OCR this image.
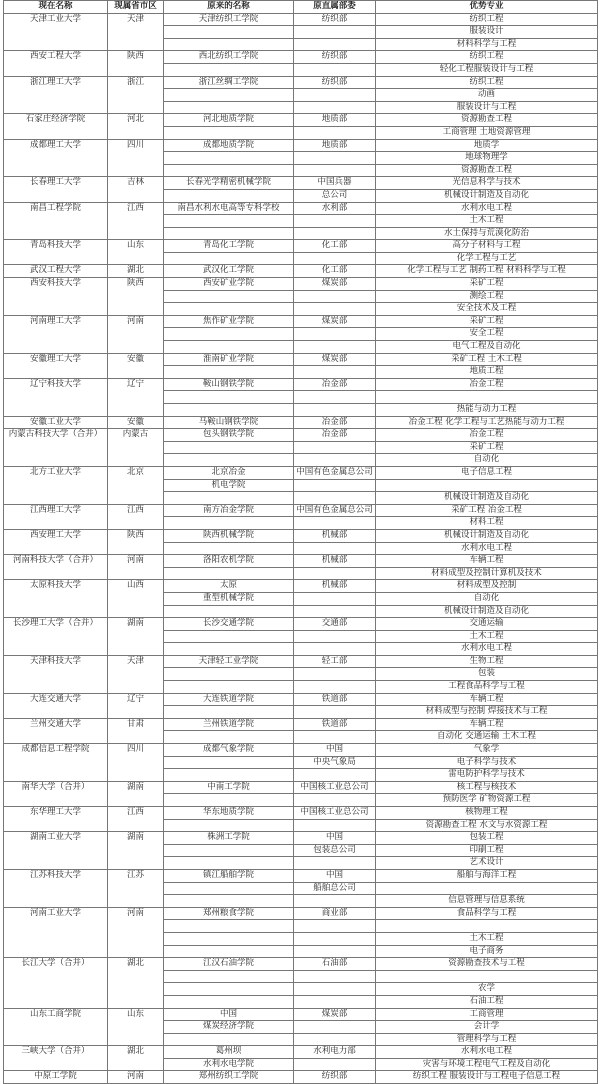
现在名称	现属省市区	原来的名称	原直属部委	优势专业
天津工业大学	天津	天津纺织工学院	纺织部	纺织工程
				服装设计
				材料科学与工程
西安工程大学	陕西	西北纺织工学院	纺织部	纺织工程
				轻化工程服装设计与工程
浙江理工大学	浙江	浙江丝绸工学院	纺织部	纺织工程
				动画
				服装设计与工程
石家庄经济学院	河北	河北地质学院	地质部	资源勘查工程
				工商管理 土地资源管理
成都理工大学	四川	成都地质学院	地质部	地质学
				地球物理学
				资源勘查工程
长春理工大学	吉林	长春光学精密机械学院	中国兵器	光信息科学与技术
			总公司	机械设计制造及自动化
南昌工程学院	江西	南昌水利水电高等专科学校	水利部	水利水电工程
				土木工程
				水土保持与荒漠化防治
青岛科技大学	山东	青岛化工学院	化工部	高分子材料与工程
				化学工程与工艺
武汉工程大学	湖北	武汉化工学院	化工部	化学工程与工艺 制药工程 材料科学与工程
西安科技大学	陕西	西安矿业学院	煤炭部	采矿工程
				测绘工程
				安全技术及工程
河南理工大学	河南	焦作矿业学院	煤炭部	采矿工程
				安全工程
				电气工程及自动化
安徽理工大学	安徽	淮南矿业学院	煤炭部	采矿工程 土木工程
				地质工程
辽宁科技大学	辽宁	鞍山钢铁学院	冶金部	冶金工程

				热能与动力工程
安徽工业大学	安徽	马鞍山钢铁学院	冶金部	冶金工程 化学工程与工艺热能与动力工程
内蒙古科技大学（合并）	内蒙古	包头钢铁学院	冶金部	冶金工程
				采矿工程
				自动化
北方工业大学	北京	北京冶金	中国有色金属总公司	电子信息工程
		机电学院		
				机械设计制造及自动化
江西理工大学	江西	南方冶金学院	中国有色金属总公司	采矿工程 冶金工程
				材料工程
西安理工大学	陕西	陕西机械学院	机械部	机械设计制造及自动化
				水利水电工程
河南科技大学（合并）	河南	洛阳农机学院	机械部	车辆工程
				材料成型及控制计算机及技术
太原科技大学	山西	太原	机械部	材料成型及控制
		重型机械学院		自动化
				机械设计制造及自动化
长沙理工大学（合并）	湖南	长沙交通学院	交通部	交通运输
				土木工程
				水利水电工程
天津科技大学	天津	天津轻工业学院	轻工部	生物工程
				包装
				工程食品科学与工程
大连交通大学	辽宁	大连铁道学院	铁道部	车辆工程
				材料成型与控制 焊接技术与工程
兰州交通大学	甘肃	兰州铁道学院	铁道部	车辆工程
				自动化 交通运输 土木工程
成都信息工程学院	四川	成都气象学院	中国	气象学
			中央气象局	电子科学与技术
				雷电防护科学与技术
南华大学（合并）	湖南	中南工学院	中国核工业总公司	核工程与核技术
				预防医学 矿物资源工程
东华理工大学	江西	华东地质学院	中国核工业总公司	核物理工程
				资源勘查工程 水文与水资源工程
湖南工业大学	湖南	株洲工学院	中国	包装工程
			包装总公司	印刷工程
				艺术设计
江苏科技大学	江苏	镇江船舶学院	中国	船舶与海洋工程
			船舶总公司	
				信息管理与信息系统
河南工业大学	河南	郑州粮食学院	商业部	食品科学与工程

				土木工程
				电子商务
长江大学（合并）	湖北	江汉石油学院	石油部	资源勘查技术与工程

				农学
				石油工程
山东工商学院	山东	中国	煤炭部	工商管理
		煤炭经济学院		会计学
				管理科学与工程
三峡大学（合并）	湖北	葛州坝	水利电力部	水利水电工程
		水利水电学院		灾害与环境工程电气工程及自动化
中原工学院	河南	郑州纺织工学院	纺织部	纺织工程 服装设计与工程电子信息工程
